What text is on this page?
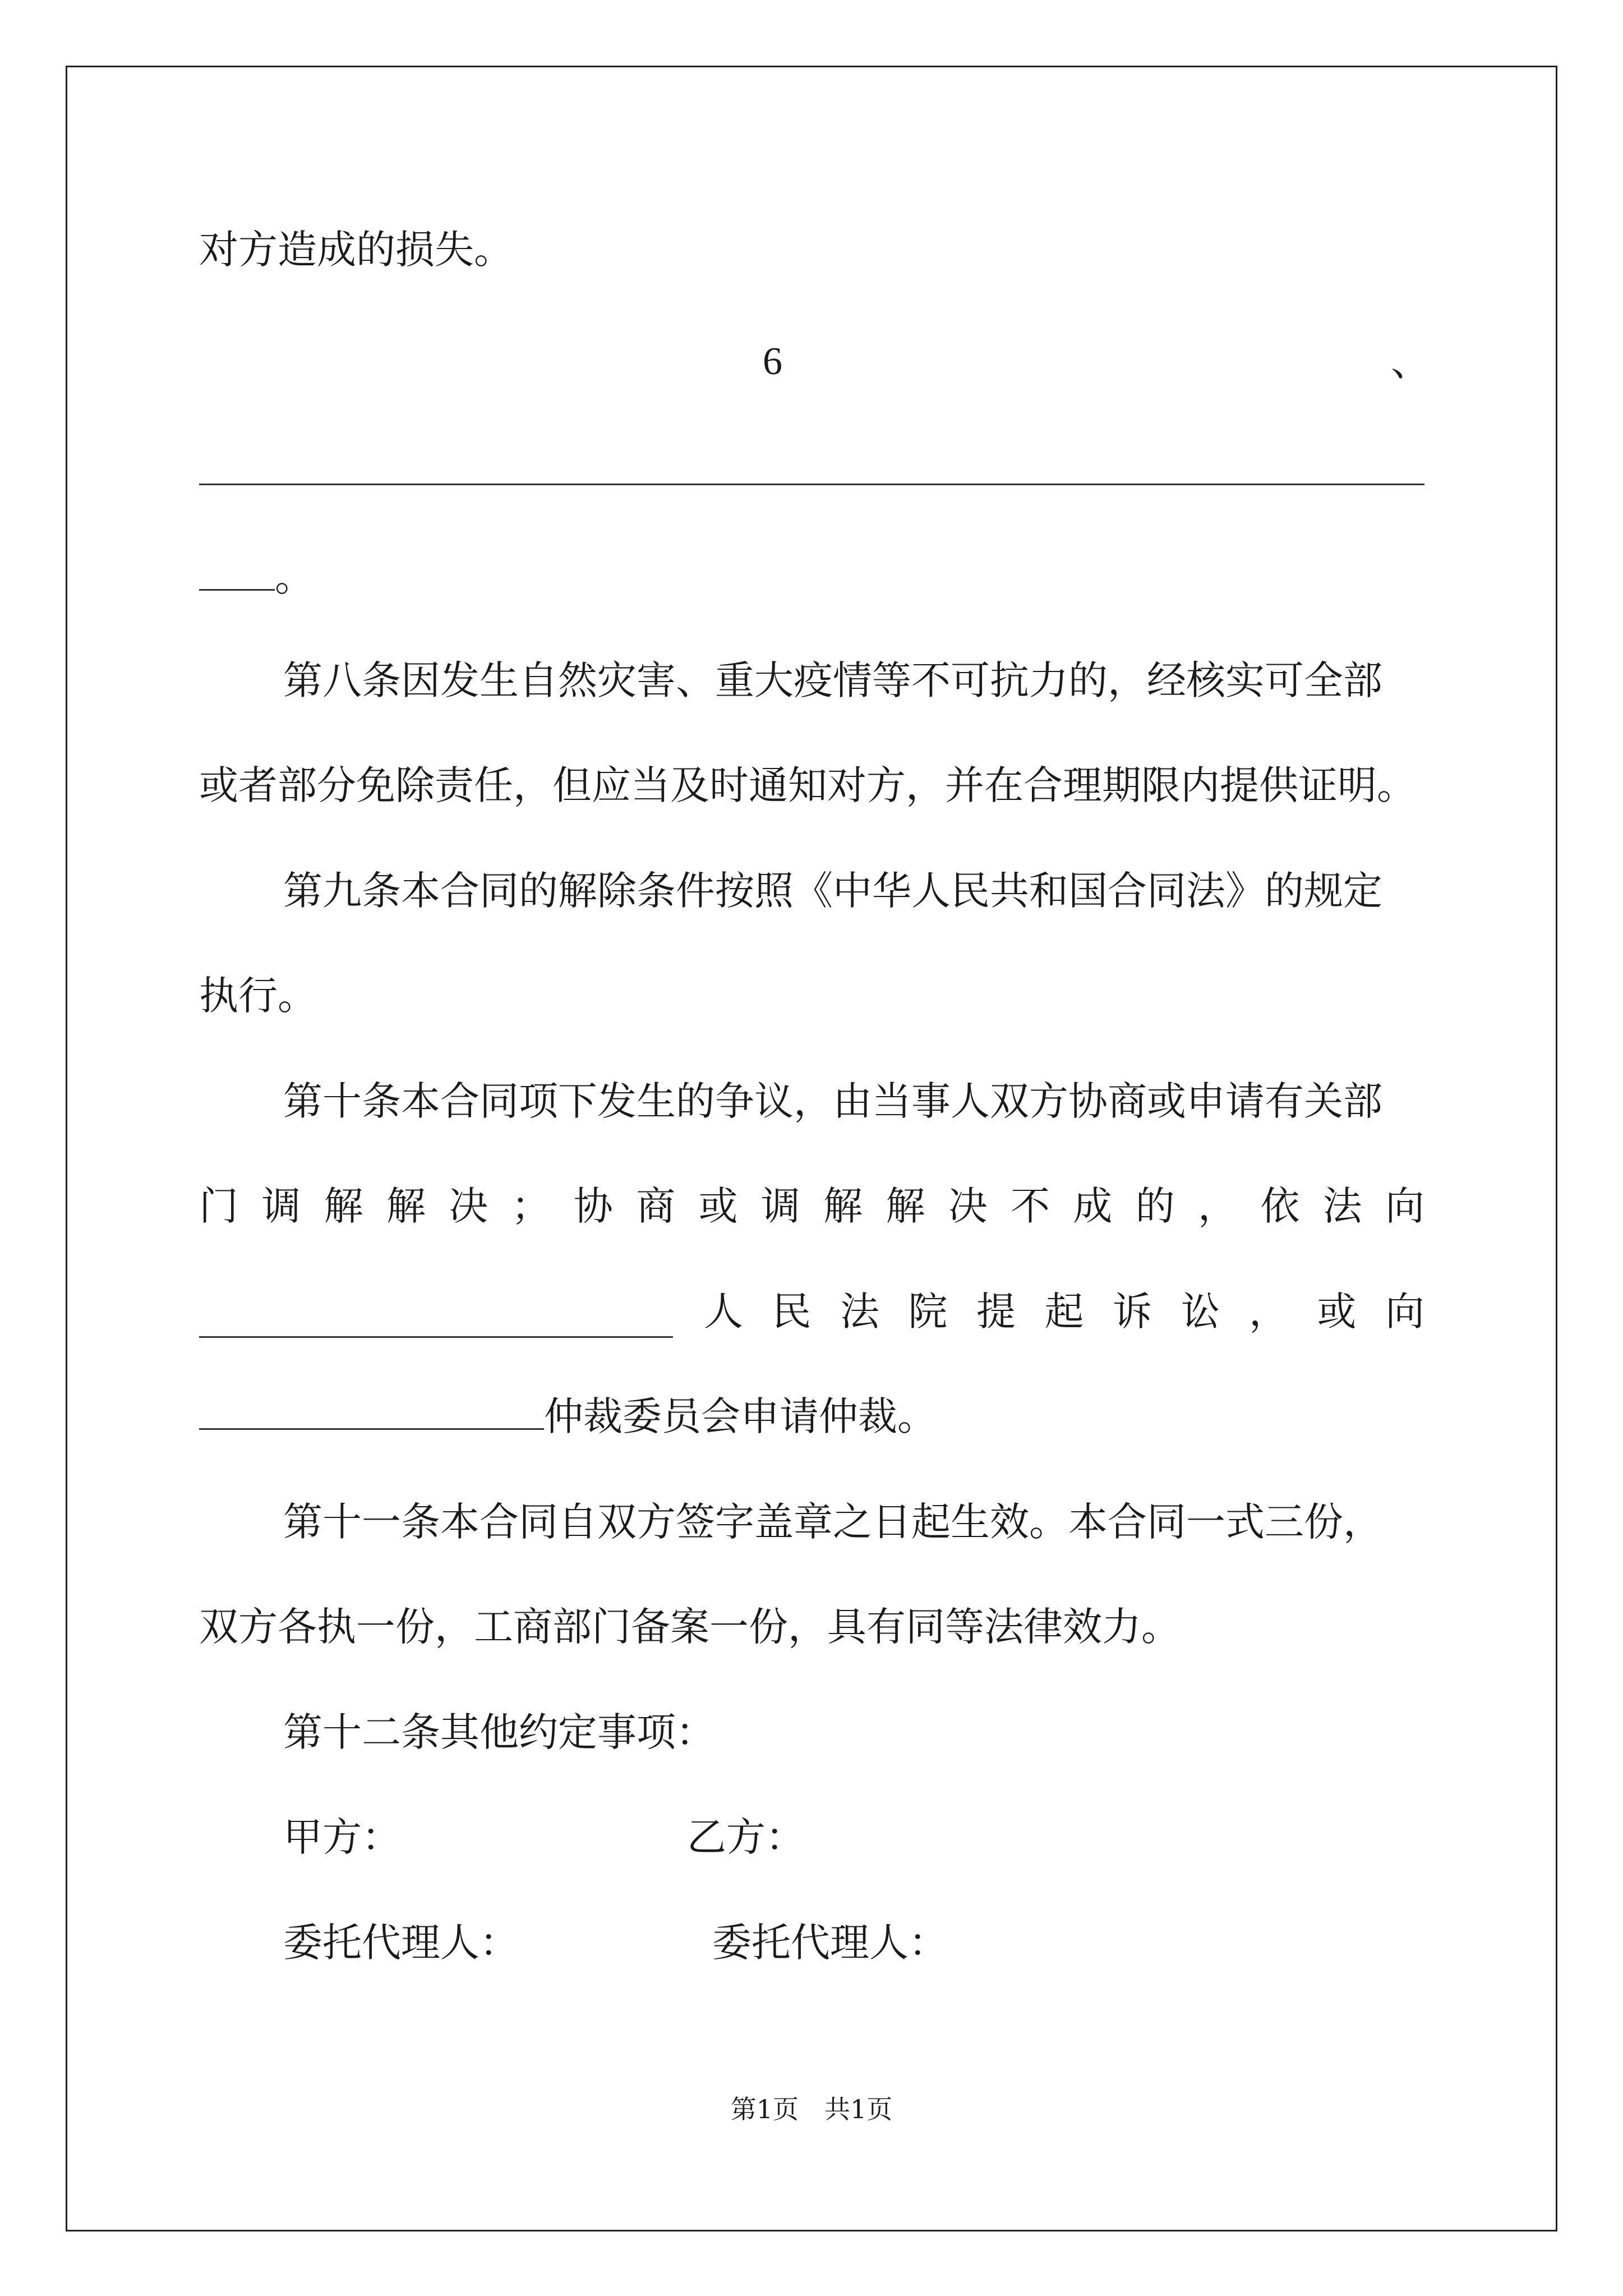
对方造成的损失。
6	、
。
第八条因发生自然灾害、重大疫情等不可抗力的，经核实可全部
或者部分免除责任，但应当及时通知对方，并在合理期限内提供证明。
第九条本合同的解除条件按照《中华人民共和国合同法》的规定
执行。
第十条本合同项下发生的争议，由当事人双方协商或申请有关部
门 调 解 解 决 ； 协 商 或 调 解 解 决 不 成 的 ， 依 法 向
人 民 法 院 提 起 诉 讼 ， 或 向
仲裁委员会申请仲裁。
第十一条本合同自双方签字盖章之日起生效。本合同一式三份，
双方各执一份，工商部门备案一份，具有同等法律效力。
第十二条其他约定事项：
甲方：	乙方：
委托代理人：	委托代理人：
第1页　共1页
